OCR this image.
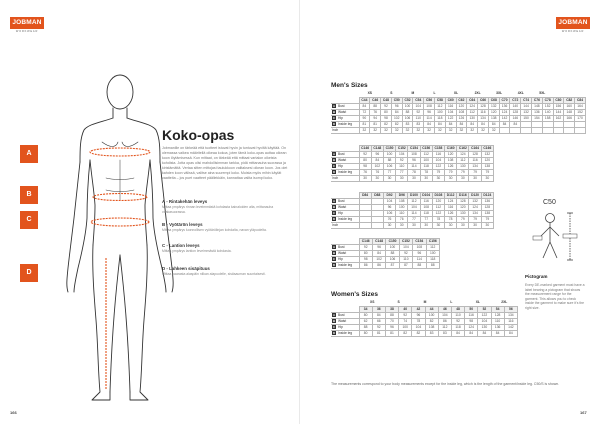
JOBMAN
WORKWEAR
A
B
C
D
Koko-opas
Jobmanille on tärkeää että tuotteet istuvat hyvin ja tuntuvat hyviltä käyttää. On olemassa vaikea määritellä oikeaa kokoa, joten tämä koko-opas auttaa oikean koon löytämisessä. Kun mittaat, on tärkeää että mittaat vartalon oikeista kohdista. Jotta opas olisi mahdollisimman tarkka, pidä mittanauha suorassa ja kiristämättä. Vertaa sitten mittojasi taulukkoon valitaksesi oikean koon. Jos olet kahden koon välissä, valitse aina suurempi koko. Muista myös mihin käytät vaatteita – jos puet vaatteet päällekkäin, kannattaa valita isompi koko.
A - Rintakehän leveys
Mittaa ympärys rinnan leveimmästä kohdasta kainaloiden alta, mittanauha vaakasuorassa.
B - Vyötärön leveys
Mittaa ympärys luonnollisen vyötärölinjan kohdalta, navan yläpuolelta.
C - Lantion leveys
Mittaa ympärys lantion leveimmästä kohdasta.
D - Lahkeen sisäpituus
Mittaa haarasta alaspäin nilkan alapuolelle, sisäsauman suuntaisesti.
166
JOBMAN
WORKWEAR
Men's Sizes
	XS		S		M		L		XL		2XL		3XL		4XL		5XL				
	C44	C46	C48	C50	C52	C54	C56	C58	C60	C62	C64	C66	C68	C70	C72	C74	C76	C78	C80	C82	C84
A Bust	84	88	92	96	100	104	108	112	116	120	124	128	132	136	140	144	148	152	156	160	164
B Waist	72	76	80	84	88	92	96	100	104	108	112	116	120	124	128	132	136	140	144	148	152
C Hip	90	94	98	102	106	110	114	118	122	126	130	134	138	142	146	150	154	158	162	166	170
D Inside leg	81	81	82	82	83	83	84	84	84	84	84	84	84	84	84						
Inch	32	32	32	32	32	32	32	32	32	32	32	32	32								
	C146	C148	C150	C152	C154	C156	C158	C160	C162	C164	C166
A Bust	92	96	100	104	108	112	116	120	124	128	132
B Waist	80	84	88	92	96	100	104	108	112	116	120
C Hip	98	102	106	110	114	118	122	126	130	134	138
D Inside leg	76	76	77	77	78	78	79	79	79	79	79
Inch	30	30	30	30	30	30	30	30	30	30	30
	D84	D88	D92	D96	D100	D104	D108	D112	D116	D120	D124
A Bust			104	108	112	116	120	124	128	132	136
B Waist			96	100	104	108	112	116	120	124	128
C Hip			106	110	114	118	122	126	130	134	138
D Inside leg			76	76	77	77	78	78	79	79	79
Inch			30	30	30	30	30	30	30	30	30
	C146	C148	C150	C152	C154	C156
A Bust	92	96	100	104	108	112
B Waist	80	84	88	92	96	100
C Hip	98	102	106	110	114	118
D Inside leg	86	86	87	87	88	88
Women's Sizes
	XS		S		M		L		XL		2XL	
	34	36	38	40	42	44	46	48	50	52	54	56
A Bust	80	84	88	92	96	100	104	110	116	122	128	134
B Waist	62	66	70	74	78	82	86	92	98	104	110	116
C Hip	88	92	96	100	104	108	112	118	124	130	136	142
D Inside leg	80	81	81	82	82	83	83	84	84	84	84	84
The measurements correspond to your body measurements except for the inside leg, which is the length of the garment/inside leg. C50/S is shown.
C50
Pictogram
Every DE-marked garment must have a label bearing a pictogram that shows the measurement range for the garment. This allows you to check inside the garment to make sure it's the right size.
167
